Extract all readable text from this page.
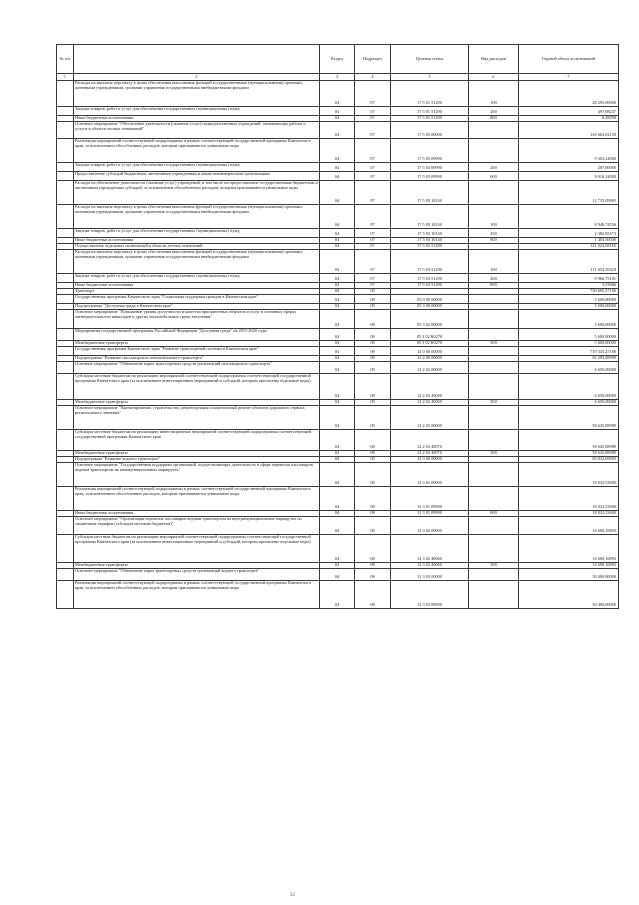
№ п/п		Раздел	Подраздел	Целевая статья	Вид расходов	Годовой объем ассигнований
1	2	3	4	5	6	7
	Расходы на выплаты персоналу в целях обеспечения выполнения функций государственными (муниципальными) органами, казенными учреждениями, органами управления государственными внебюджетными фондами	04	07	17 5 01 51290	100	28 295,90000
	Закупка товаров, работ и услуг для обеспечения государственных (муниципальных) нужд	04	07	17 5 01 51290	200	497,08237
	Иные бюджетные ассигнования	04	07	17 5 01 51290	800	0,48598
	Основное мероприятие "Обеспечение деятельности (оказание услуг) подведомственных учреждений, оказывающих работы и услуги в области лесных отношений"	04	07	17 5 03 00000		143 663,02150
	Реализация мероприятий соответствующей подпрограммы в рамках соответствующей государственной программы Камчатского края, за исключением обособленных расходов, которым присваиваются уникальные коды	04	07	17 5 03 09990		9 303,24000
	Закупка товаров, работ и услуг для обеспечения государственных (муниципальных) нужд	04	07	17 5 03 09990	200	287,00000
	Предоставление субсидий бюджетным, автономным учреждениям и иным некоммерческим организациям	04	07	17 5 03 09990	600	9 016,24000
	Расходы на обеспечение деятельности (оказание услуг) учреждений, в том числе на предоставление государственным бюджетным и автономным учреждениям субсидий, за исключением обособленных расходов, которым присваиваются уникальные коды	04	07	17 5 03 10140		12 735,09965
	Расходы на выплаты персоналу в целях обеспечения выполнения функций государственными (муниципальными) органами, казенными учреждениями, органами управления государственными внебюджетными фондами	04	07	17 5 03 10140	100	8 948,74556
	Закупка товаров, работ и услуг для обеспечения государственных (муниципальных) нужд	04	07	17 5 03 10140	200	2 382,85373
	Иные бюджетные ассигнования	04	07	17 5 03 10140	800	1 403,50036
	Осуществление отдельных полномочий в области лесных отношений	04	07	17 5 03 51290		121 624,68165
	Расходы на выплаты персоналу в целях обеспечения выполнения функций государственными (муниципальными) органами, казенными учреждениями, органами управления государственными внебюджетными фондами	04	07	17 5 03 51290	100	111 654,39318
	Закупка товаров, работ и услуг для обеспечения государственных (муниципальных) нужд	04	07	17 5 03 51290	200	9 966,75181
	Иные бюджетные ассигнования	04	07	17 5 03 51290	800	3,53666
	Транспорт	04	08			730 605,27106
	Государственная программа Камчатского края "Социальная поддержка граждан в Камчатском крае"	04	08	05 0 00 00000		5 600,00000
	Подпрограмма "Доступная среда в Камчатском крае"	04	08	05 3 00 00000		5 600,00000
	Основное мероприятие "Повышение уровня доступности и качества приоритетных объектов и услуг в основных сферах жизнедеятельности инвалидов и других маломобильных групп населения"	04	08	05 3 02 00000		5 600,00000
	Мероприятия государственной программы Российской Федерации "Доступная среда" на 2011-2020 годы	04	08	05 3 02 R0270		5 600,00000
	Межбюджетные трансферты	04	08	05 3 02 R0270	500	5 600,00000
	Государственная программа Камчатского края "Развитие транспортной системы в Камчатском крае"	04	08	12 0 00 00000		719 335,27106
	Подпрограмма "Развитие пассажирского автомобильного транспорта"	04	08	12 2 00 00000		65 295,88989
	Основное мероприятие "Обновление парка транспортных средств организаций пассажирского транспорта"	04	08	12 2 02 00000		6 650,00000
	Субсидии местным бюджетам на реализацию мероприятий соответствующей подпрограммы соответствующей государственной программы Камчатского края (за исключением инвестиционных мероприятий и субсидий, которым присвоены отдельные коды)	04	08	12 2 02 40060		6 650,00000
	Межбюджетные трансферты	04	08	12 2 02 40060	500	6 650,00000
	Основное мероприятие "Проектирование, строительство, реконструкция и капитальный ремонт объектов дорожного сервиса регионального значения"	04	08	12 2 03 00000		58 645,88989
	Субсидии местным бюджетам на реализацию инвестиционных мероприятий соответствующей подпрограммы соответствующей государственной программы Камчатского края	04	08	12 2 03 40070		58 645,88989
	Межбюджетные трансферты	04	08	12 2 03 40070	500	58 645,88989
	Подпрограмма "Развитие водного транспорта"	04	08	12 3 00 00000		83 032,69893
	Основное мероприятие "Государственная поддержка организаций, осуществляющих деятельность в сфере перевозок пассажиров водным транспортом на межмуниципальных маршрутах"	04	08	12 3 01 00000		18 032,53000
	Реализация мероприятий соответствующей подпрограммы в рамках соответствующей государственной программы Камчатского края, за исключением обособленных расходов, которым присваиваются уникальные коды	04	08	12 3 01 09990		18 032,53000
	Иные бюджетные ассигнования	04	08	12 3 01 09990	800	18 032,53000
	Основное мероприятие "Организация перевозок пассажиров водным транспортом на внутримуниципальных маршрутах по сниженным тарифам (субсидии местным бюджетам)"	04	08	12 3 02 00000		14 600,16893
	Субсидии местным бюджетам на реализацию мероприятий соответствующей подпрограммы соответствующей государственной программы Камчатского края (за исключением инвестиционных мероприятий и субсидий, которым присвоены отдельные коды)	04	08	12 3 02 40060		14 600,16893
	Межбюджетные трансферты	04	08	12 3 02 40060	500	14 600,16893
	Основное мероприятие "Обновление парка транспортных средств организаций водного транспорта"	04	08	12 3 03 00000		50 400,00000
	Реализация мероприятий соответствующей подпрограммы в рамках соответствующей государственной программы Камчатского края, за исключением обособленных расходов, которым присваиваются уникальные коды	04	08	12 3 03 09990		50 400,00000
32
